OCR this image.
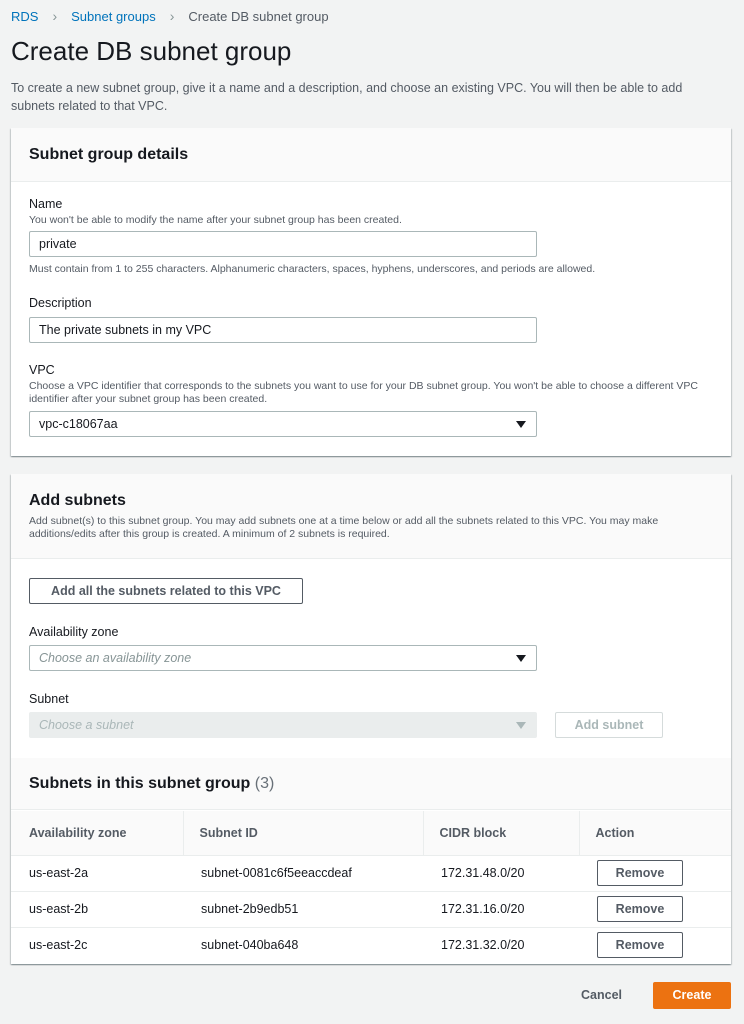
RDS › Subnet groups › Create DB subnet group
Create DB subnet group

To create a new subnet group, give it a name and a description, and choose an existing VPC. You will then be able to add subnets related to that VPC.

Subnet group details
Name
You won't be able to modify the name after your subnet group has been created.
private
Must contain from 1 to 255 characters. Alphanumeric characters, spaces, hyphens, underscores, and periods are allowed.
Description
The private subnets in my VPC
VPC
Choose a VPC identifier that corresponds to the subnets you want to use for your DB subnet group. You won't be able to choose a different VPC identifier after your subnet group has been created.
vpc-c18067aa
Add subnets
Add subnet(s) to this subnet group. You may add subnets one at a time below or add all the subnets related to this VPC. You may make additions/edits after this group is created. A minimum of 2 subnets is required.
Add all the subnets related to this VPC
Availability zone
Choose an availability zone
Subnet
Choose a subnet	Add subnet
Subnets in this subnet group (3)
Availability zone	Subnet ID	CIDR block	Action
us-east-2a	subnet-0081c6f5eeaccdeaf	172.31.48.0/20	Remove
us-east-2b	subnet-2b9edb51	172.31.16.0/20	Remove
us-east-2c	subnet-040ba648	172.31.32.0/20	Remove
Cancel	Create
